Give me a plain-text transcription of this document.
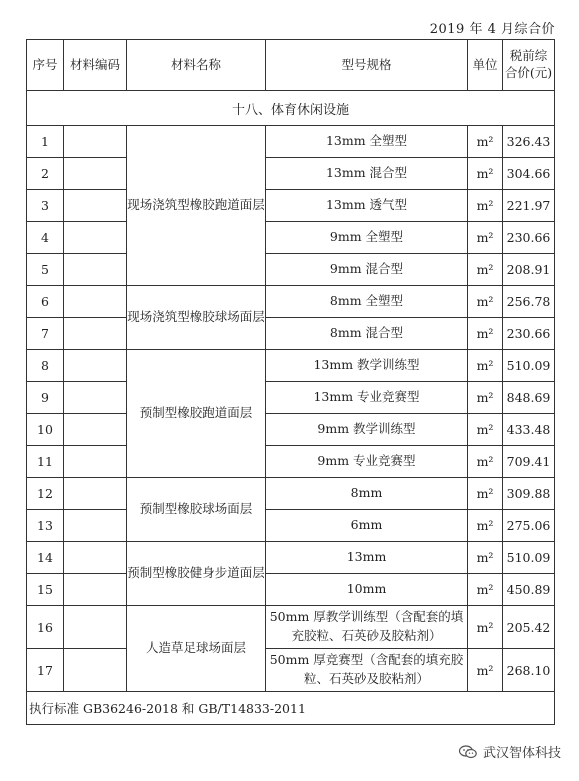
2019 年 4 月综合价
序号	材料编码	材料名称	型号规格	单位	税前综
合价(元)
十八、体育休闲设施					
1		现场浇筑型橡胶跑道面层	13mm 全塑型	m²	326.43
2			13mm 混合型	m²	304.66
3			13mm 透气型	m²	221.97
4			9mm 全塑型	m²	230.66
5			9mm 混合型	m²	208.91
6		现场浇筑型橡胶球场面层	8mm 全塑型	m²	256.78
7			8mm 混合型	m²	230.66
8		预制型橡胶跑道面层	13mm 教学训练型	m²	510.09
9			13mm 专业竞赛型	m²	848.69
10			9mm 教学训练型	m²	433.48
11			9mm 专业竞赛型	m²	709.41
12		预制型橡胶球场面层	8mm	m²	309.88
13			6mm	m²	275.06
14		预制型橡胶健身步道面层	13mm	m²	510.09
15			10mm	m²	450.89
16		人造草足球场面层	50mm 厚教学训练型（含配套的填充胶粒、石英砂及胶粘剂）	m²	205.42
17			50mm 厚竞赛型（含配套的填充胶粒、石英砂及胶粘剂）	m²	268.10
执行标准 GB36246-2018 和 GB/T14833-2011					
武汉智体科技
